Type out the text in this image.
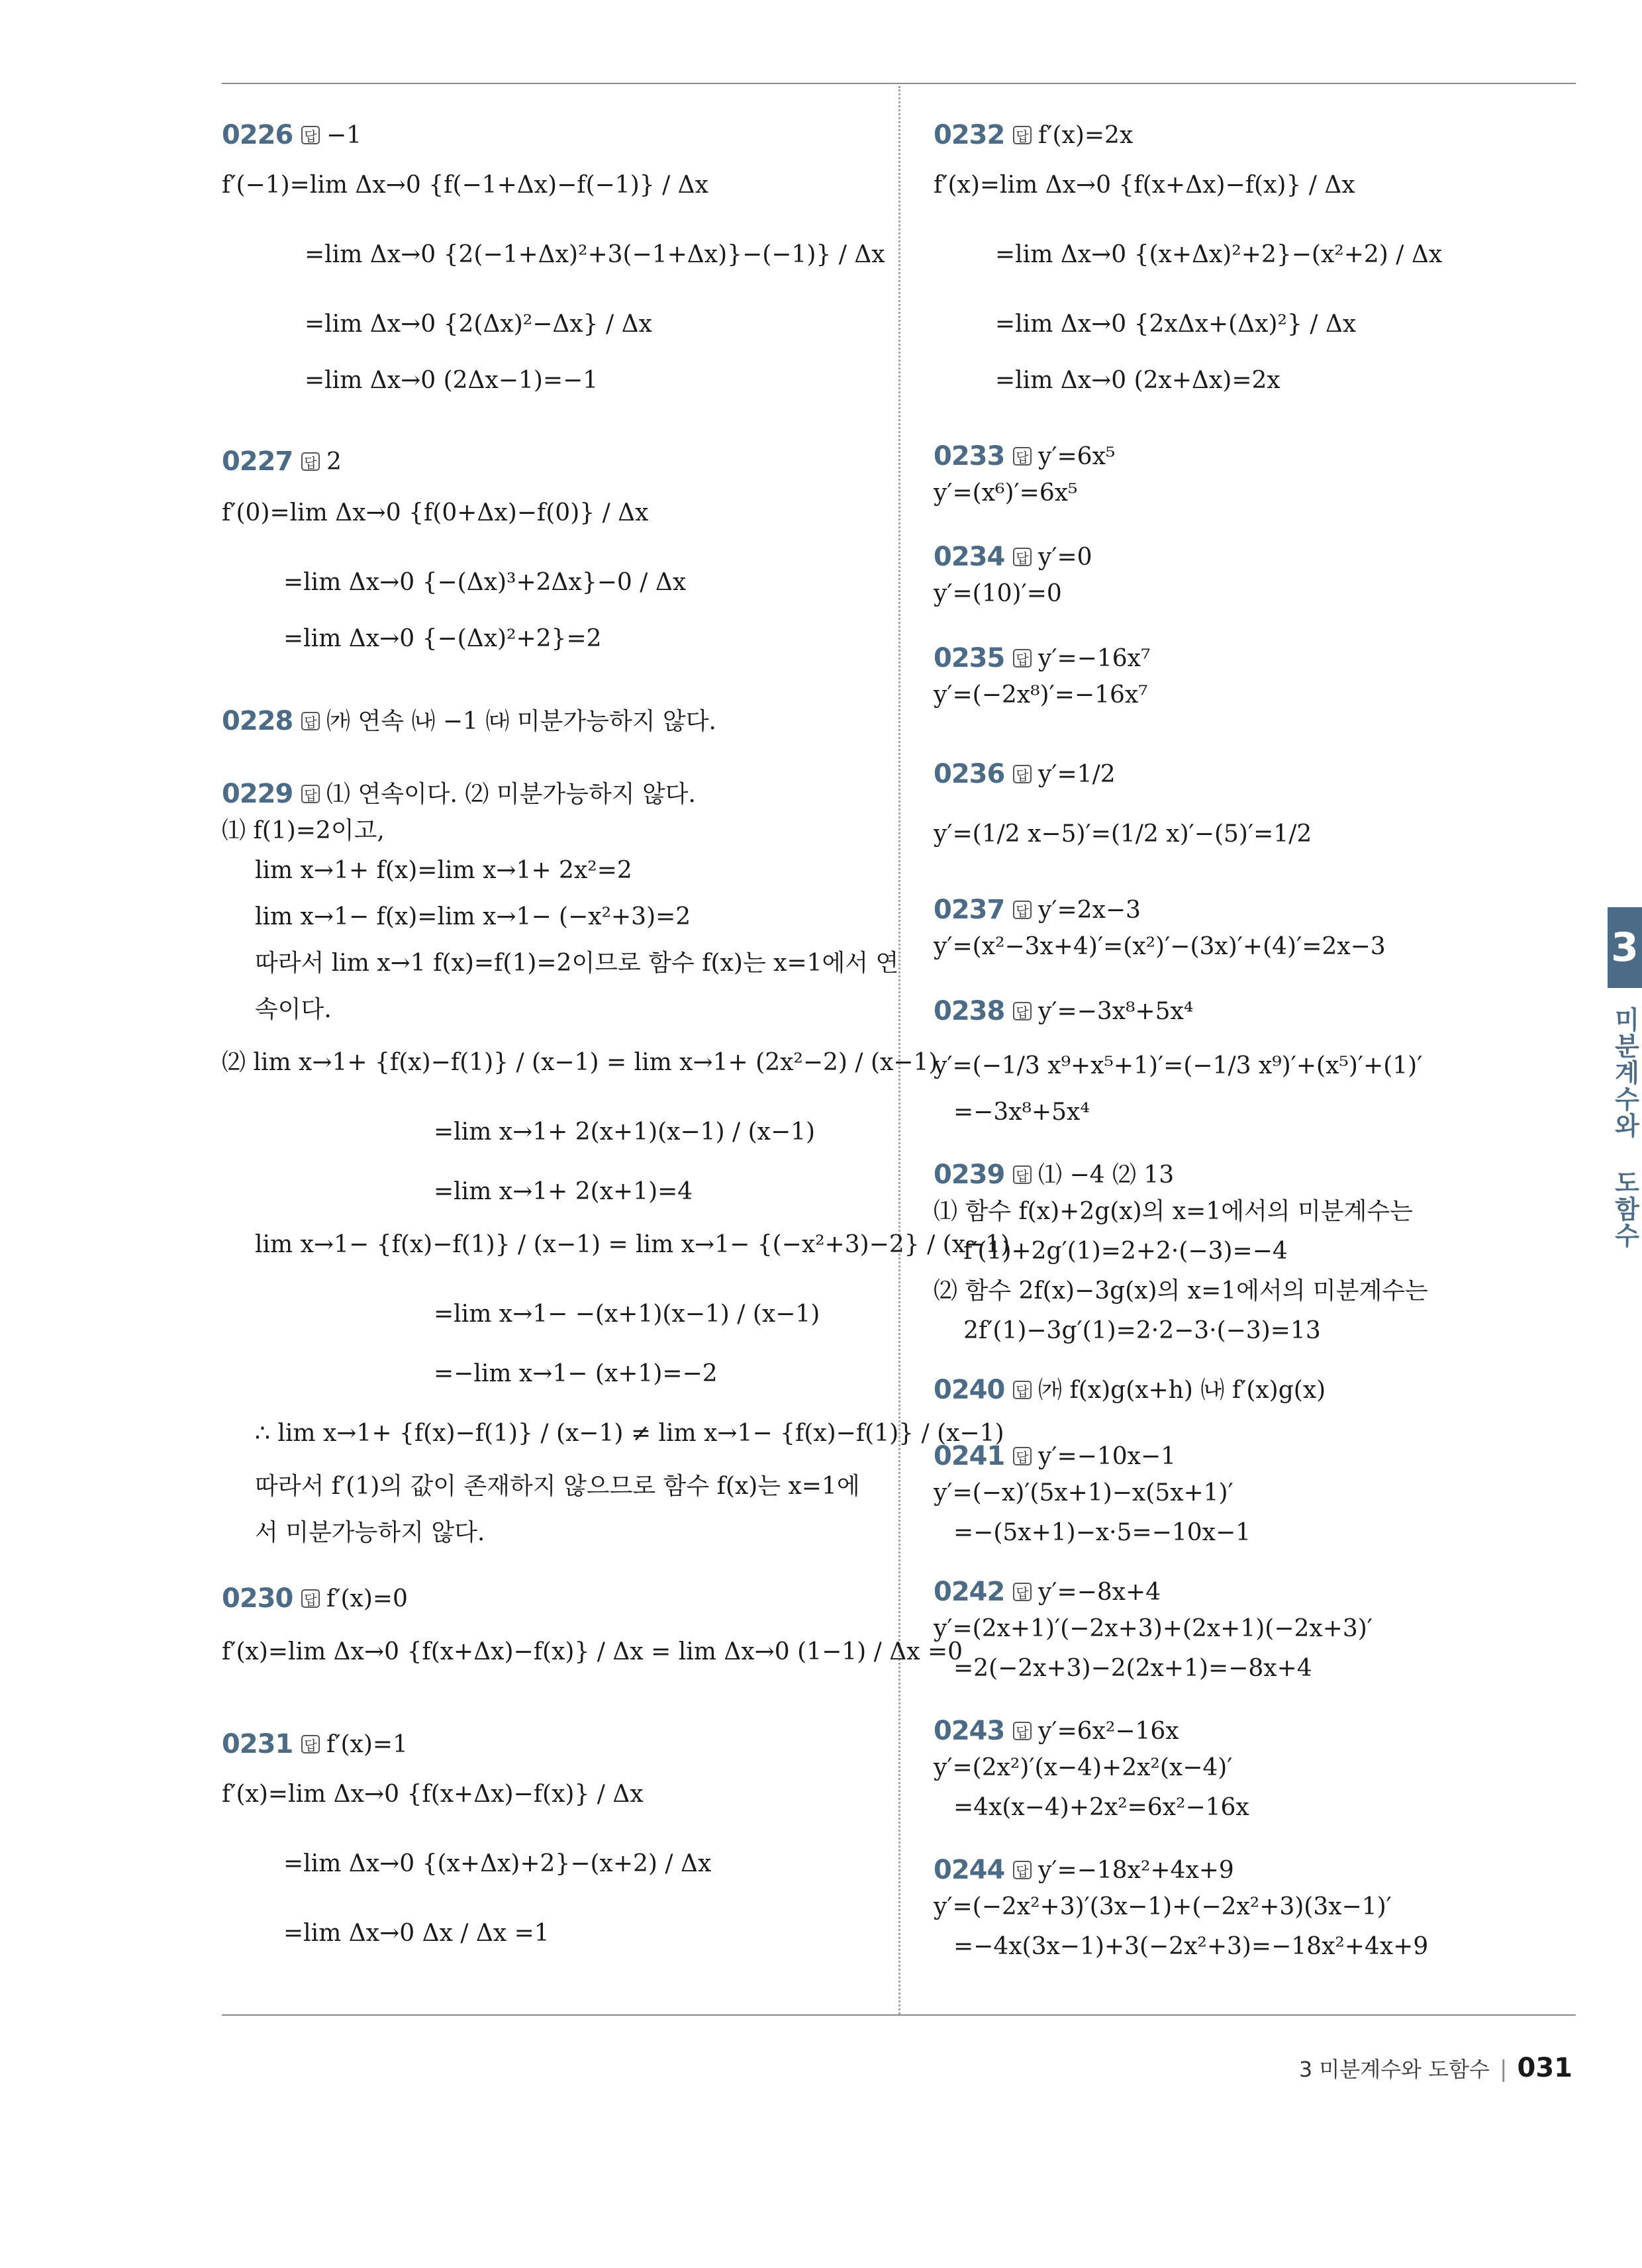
0226 답 −1
f′(−1)=lim Δx→0 {f(−1+Δx)−f(−1)} / Δx
=lim Δx→0 {2(−1+Δx)²+3(−1+Δx)}−(−1)} / Δx
=lim Δx→0 {2(Δx)²−Δx} / Δx
=lim Δx→0 (2Δx−1)=−1
0227 답 2
f′(0)=lim Δx→0 {f(0+Δx)−f(0)} / Δx
=lim Δx→0 {−(Δx)³+2Δx}−0 / Δx
=lim Δx→0 {−(Δx)²+2}=2
0228 답 ㈎ 연속 ㈏ −1 ㈐ 미분가능하지 않다.
0229 답 ⑴ 연속이다. ⑵ 미분가능하지 않다.
⑴ f(1)=2이고,
lim x→1+ f(x)=lim x→1+ 2x²=2
lim x→1− f(x)=lim x→1− (−x²+3)=2
따라서 lim x→1 f(x)=f(1)=2이므로 함수 f(x)는 x=1에서 연
속이다.
⑵ lim x→1+ {f(x)−f(1)} / (x−1) = lim x→1+ (2x²−2) / (x−1)
=lim x→1+ 2(x+1)(x−1) / (x−1)
=lim x→1+ 2(x+1)=4
lim x→1− {f(x)−f(1)} / (x−1) = lim x→1− {(−x²+3)−2} / (x−1)
=lim x→1− −(x+1)(x−1) / (x−1)
=−lim x→1− (x+1)=−2
∴ lim x→1+ {f(x)−f(1)} / (x−1) ≠ lim x→1− {f(x)−f(1)} / (x−1)
따라서 f′(1)의 값이 존재하지 않으므로 함수 f(x)는 x=1에
서 미분가능하지 않다.
0230 답 f′(x)=0
f′(x)=lim Δx→0 {f(x+Δx)−f(x)} / Δx = lim Δx→0 (1−1) / Δx =0
0231 답 f′(x)=1
f′(x)=lim Δx→0 {f(x+Δx)−f(x)} / Δx
=lim Δx→0 {(x+Δx)+2}−(x+2) / Δx
=lim Δx→0 Δx / Δx =1
0232 답 f′(x)=2x
f′(x)=lim Δx→0 {f(x+Δx)−f(x)} / Δx
=lim Δx→0 {(x+Δx)²+2}−(x²+2) / Δx
=lim Δx→0 {2xΔx+(Δx)²} / Δx
=lim Δx→0 (2x+Δx)=2x
0233 답 y′=6x⁵
y′=(x⁶)′=6x⁵
0234 답 y′=0
y′=(10)′=0
0235 답 y′=−16x⁷
y′=(−2x⁸)′=−16x⁷
0236 답 y′=1/2
y′=(1/2 x−5)′=(1/2 x)′−(5)′=1/2
0237 답 y′=2x−3
y′=(x²−3x+4)′=(x²)′−(3x)′+(4)′=2x−3
0238 답 y′=−3x⁸+5x⁴
y′=(−1/3 x⁹+x⁵+1)′=(−1/3 x⁹)′+(x⁵)′+(1)′
=−3x⁸+5x⁴
0239 답 ⑴ −4 ⑵ 13
⑴ 함수 f(x)+2g(x)의 x=1에서의 미분계수는
f′(1)+2g′(1)=2+2·(−3)=−4
⑵ 함수 2f(x)−3g(x)의 x=1에서의 미분계수는
2f′(1)−3g′(1)=2·2−3·(−3)=13
0240 답 ㈎ f(x)g(x+h) ㈏ f′(x)g(x)
0241 답 y′=−10x−1
y′=(−x)′(5x+1)−x(5x+1)′
=−(5x+1)−x·5=−10x−1
0242 답 y′=−8x+4
y′=(2x+1)′(−2x+3)+(2x+1)(−2x+3)′
=2(−2x+3)−2(2x+1)=−8x+4
0243 답 y′=6x²−16x
y′=(2x²)′(x−4)+2x²(x−4)′
=4x(x−4)+2x²=6x²−16x
0244 답 y′=−18x²+4x+9
y′=(−2x²+3)′(3x−1)+(−2x²+3)(3x−1)′
=−4x(3x−1)+3(−2x²+3)=−18x²+4x+9
3
미분계수와 도함수
3 미분계수와 도함수 | 031
